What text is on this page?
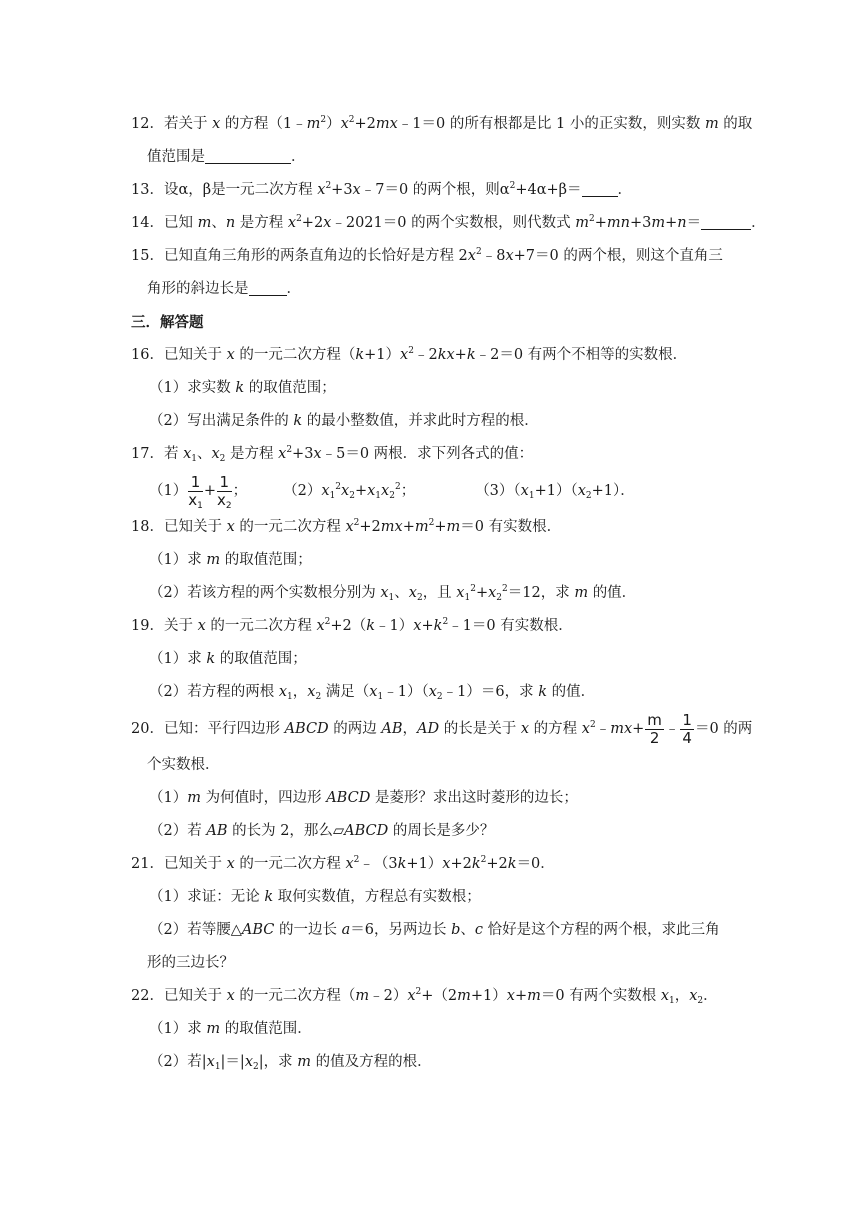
12．若关于 x 的方程$(1﹣m^2)x^2+2mx﹣1=0$ 的所有根都是比 1 小的正实数，则实数 m 的取
值范围是	．
13．设α，β是一元二次方程 $x^2+3x﹣7=0$ 的两个根，则$\alpha^2+4\alpha+\beta=$ ．
14．已知 m、n 是方程 $x^2+2x﹣2021=0$ 的两个实数根，则代数式 $m^2+mn+3m+n=$	．
15．已知直角三角形的两条直角边的长恰好是方程 $2x^2﹣8x+7=0$ 的两个根，则这个直角三
角形的斜边长是	．
三．解答题
16．已知关于 x 的一元二次方程$(k+1)x^2﹣2kx+k﹣2=0$ 有两个不相等的实数根．
（1）求实数 k 的取值范围；
（2）写出满足条件的 k 的最小整数值，并求此时方程的根．
17．若 $x_1$、$x_2$ 是方程 $x^2+3x﹣5=0$ 两根．求下列各式的值：
$(1) \frac{1}{x_1} + \frac{1}{x_2}$ ； $(2)x_1^2x_2+x_1x_2^2$；	$(3)(x_1+1)(x_2+1)$．
18．已知关于 x 的一元二次方程 $x^2+2mx+m^2+m=0$ 有实数根．
（1）求 m 的取值范围；
（2）若该方程的两个实数根分别为 $x_1$、$x_2$，且 $x_1^2+x_2^2=12$，求 m 的值．
19．关于 x 的一元二次方程 $x^2+2(k﹣1)x+k^2﹣1=0$ 有实数根．
（1）求 k 的取值范围；
（2）若方程的两根 $x_1$，$x_2$ 满足$(x_1﹣1)(x_2﹣1)=6$，求 k 的值．
20．已知：平行四边形 ABCD 的两边 AB，AD 的长是关于 x 的方程 $x^2﹣mx+ \frac{m}{2}$ ﹣ $\frac{1}{4} =0$ 的两
个实数根．
（1）m 为何值时，四边形 ABCD 是菱形？求出这时菱形的边长；
（2）若 AB 的长为 2，那么▱ABCD 的周长是多少？
21．已知关于 x 的一元二次方程 $x^2﹣(3k+1)x+2k^2+2k=0$．
（1）求证：无论 k 取何实数值，方程总有实数根；
（2）若等腰△ABC 的一边长 a＝6，另两边长 b、c 恰好是这个方程的两个根，求此三角
形的三边长？
22．已知关于 x 的一元二次方程$(m﹣2)x^2+(2m+1)x+m=0$ 有两个实数根 $x_1$，$x_2$．
（1）求 m 的取值范围．
（2）若$|x_1|=|x_2|$，求 m 的值及方程的根．
